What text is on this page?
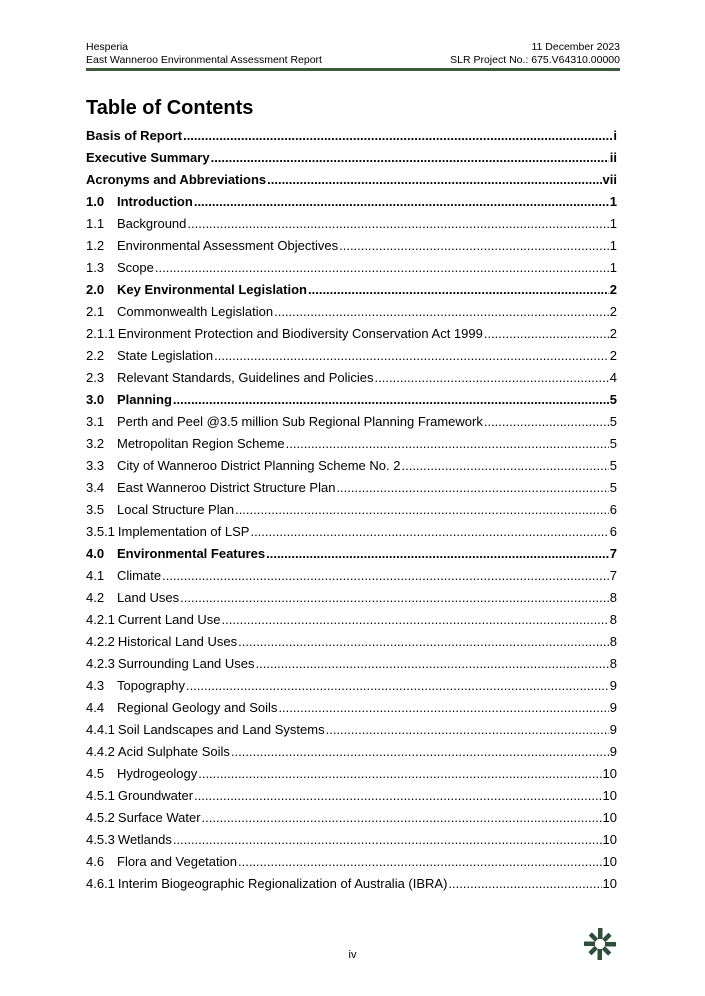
Hesperia	11 December 2023
East Wanneroo Environmental Assessment Report	SLR Project No.: 675.V64310.00000
Table of Contents
Basis of Report .....	i
Executive Summary .....	ii
Acronyms and Abbreviations .....	vii
1.0 Introduction .....	1
1.1 Background .....	1
1.2 Environmental Assessment Objectives .....	1
1.3 Scope .....	1
2.0 Key Environmental Legislation .....	2
2.1 Commonwealth Legislation .....	2
2.1.1 Environment Protection and Biodiversity Conservation Act 1999 .....	2
2.2 State Legislation .....	2
2.3 Relevant Standards, Guidelines and Policies .....	4
3.0 Planning .....	5
3.1 Perth and Peel @3.5 million Sub Regional Planning Framework .....	5
3.2 Metropolitan Region Scheme .....	5
3.3 City of Wanneroo District Planning Scheme No. 2 .....	5
3.4 East Wanneroo District Structure Plan .....	5
3.5 Local Structure Plan .....	6
3.5.1 Implementation of LSP .....	6
4.0 Environmental Features .....	7
4.1 Climate .....	7
4.2 Land Uses .....	8
4.2.1 Current Land Use .....	8
4.2.2 Historical Land Uses .....	8
4.2.3 Surrounding Land Uses .....	8
4.3 Topography .....	9
4.4 Regional Geology and Soils .....	9
4.4.1 Soil Landscapes and Land Systems .....	9
4.4.2 Acid Sulphate Soils .....	9
4.5 Hydrogeology .....	10
4.5.1 Groundwater .....	10
4.5.2 Surface Water .....	10
4.5.3 Wetlands .....	10
4.6 Flora and Vegetation .....	10
4.6.1 Interim Biogeographic Regionalization of Australia (IBRA) .....	10
iv
